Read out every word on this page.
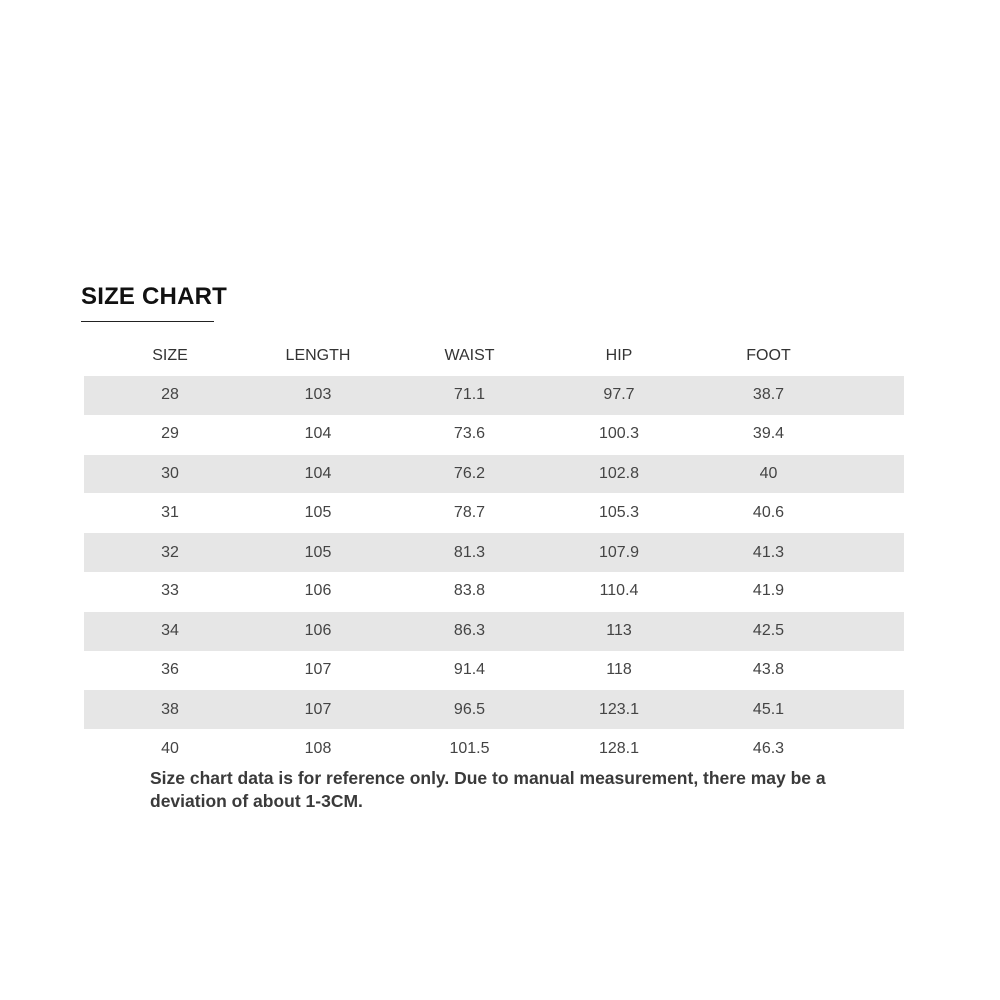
SIZE CHART
SIZE	LENGTH	WAIST	HIP	FOOT	
28	103	71.1	97.7	38.7	
29	104	73.6	100.3	39.4	
30	104	76.2	102.8	40	
31	105	78.7	105.3	40.6	
32	105	81.3	107.9	41.3	
33	106	83.8	110.4	41.9	
34	106	86.3	113	42.5	
36	107	91.4	118	43.8	
38	107	96.5	123.1	45.1	
40	108	101.5	128.1	46.3	

Size chart data is for reference only. Due to manual measurement, there may be a deviation of about 1-3CM.
